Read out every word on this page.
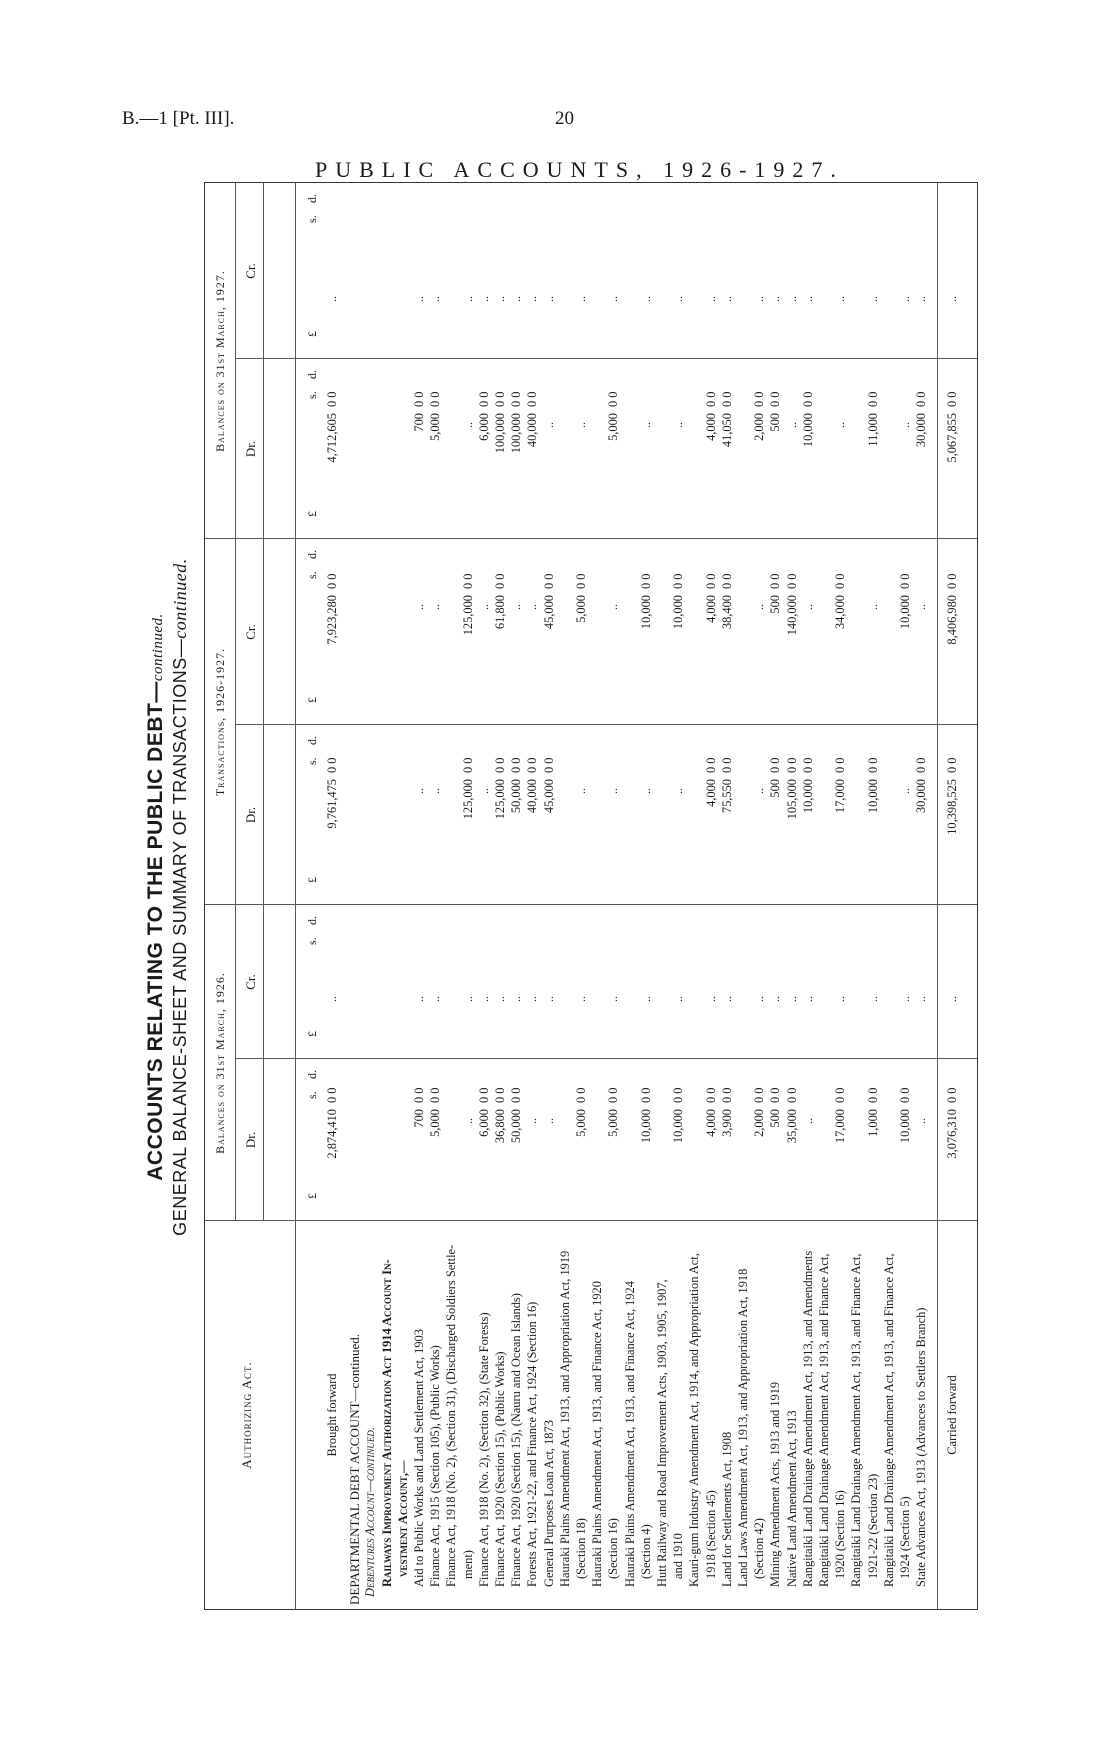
B.—1 [Pt. III].	20
PUBLIC ACCOUNTS, 1926-1927.
ACCOUNTS RELATING TO THE PUBLIC DEBT—continued. GENERAL BALANCE-SHEET AND SUMMARY OF TRANSACTIONS—continued.
Authorizing Act.
Balances on 31st March, 1926.
Transactions, 1926-1927.
Balances on 31st March, 1927.
Dr.
Cr.
Dr.
Cr.
Dr.
Cr.
£
s.
d.
£
s.
d.
£
s.
d.
£
s.
d.
£
s.
d.
£
s.
d.
Brought forward
2,874,410
0 0
9,761,475
0 0
7,923,280
0 0
4,712,605
0 0
..
..
DEPARTMENTAL DEBT ACCOUNT—continued. Debentures Account—continued. Railways Improvement Authorization Act 1914 Account In- vestment Account,— Aid to Public Works and Land Settlement Act, 1903
700
0 0
..
..
700
0 0
..
..
Finance Act, 1915 (Section 105), (Public Works)
5,000
0 0
..
..
5,000
0 0
..
..
Finance Act, 1918 (No. 2), (Section 31), (Discharged Soldiers Settle- ment)
..
125,000
0 0
125,000
0 0
..
..
..
Finance Act, 1918 (No. 2), (Section 32), (State Forests)
6,000
0 0
..
..
6,000
0 0
..
..
Finance Act, 1920 (Section 15), (Public Works)
36,800
0 0
125,000
0 0
61,800
0 0
100,000
0 0
..
..
Finance Act, 1920 (Section 15), (Nauru and Ocean Islands)
50,000
0 0
50,000
0 0
..
100,000
0 0
..
..
Forests Act, 1921-22, and Finance Act, 1924 (Section 16)
..
40,000
0 0
..
40,000
0 0
..
..
General Purposes Loan Act, 1873
..
45,000
0 0
45,000
0 0
..
..
..
Hauraki Plains Amendment Act, 1913, and Appropriation Act, 1919 (Section 18)
5,000
0 0
..
5,000
0 0
..
..
..
Hauraki Plains Amendment Act, 1913, and Finance Act, 1920 (Section 16)
5,000
0 0
..
..
5,000
0 0
..
..
Hauraki Plains Amendment Act, 1913, and Finance Act, 1924 (Section 4)
10,000
0 0
..
10,000
0 0
..
..
..
Hutt Railway and Road Improvement Acts, 1903, 1905, 1907, and 1910
10,000
0 0
..
10,000
0 0
..
..
..
Kauri-gum Industry Amendment Act, 1914, and Appropriation Act, 1918 (Section 45)
4,000
0 0
4,000
0 0
4,000
0 0
4,000
0 0
..
..
Land for Settlements Act, 1908
3,900
0 0
75,550
0 0
38,400
0 0
41,050
0 0
..
..
Land Laws Amendment Act, 1913, and Appropriation Act, 1918 (Section 42)
2,000
0 0
..
..
2,000
0 0
..
..
Mining Amendment Acts, 1913 and 1919
500
0 0
500
0 0
500
0 0
500
0 0
..
..
Native Land Amendment Act, 1913
35,000
0 0
105,000
0 0
140,000
0 0
..
..
..
Rangitaiki Land Drainage Amendment Act, 1913, and Amendments
..
10,000
0 0
..
10,000
0 0
..
..
Rangitaiki Land Drainage Amendment Act, 1913, and Finance Act, 1920 (Section 16)
17,000
0 0
17,000
0 0
34,000
0 0
..
..
..
Rangitaiki Land Drainage Amendment Act, 1913, and Finance Act, 1921-22 (Section 23)
1,000
0 0
10,000
0 0
..
11,000
0 0
..
..
Rangitaiki Land Drainage Amendment Act, 1913, and Finance Act, 1924 (Section 5)
10,000
0 0
..
10,000
0 0
..
..
..
State Advances Act, 1913 (Advances to Settlers Branch)
..
30,000
0 0
..
30,000
0 0
..
..
Carried forward
3,076,310
0 0
10,398,525
0 0
8,406,980
0 0
5,067,855
0 0
..
..
